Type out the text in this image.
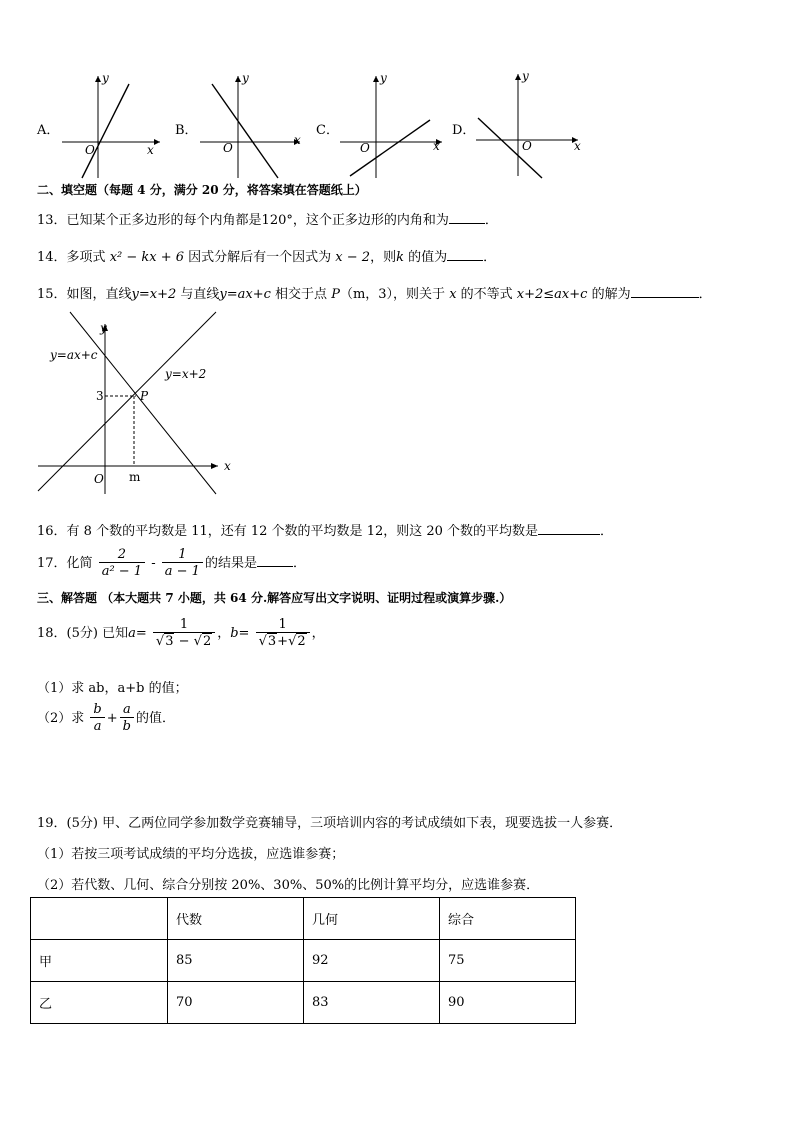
A．
y
x
O
B．
y
x
O
C．
y
x
O
D．
y
x
O
二、填空题（每题 4 分，满分 20 分，将答案填在答题纸上）
13．已知某个正多边形的每个内角都是120°，这个正多边形的内角和为	．
14．多项式 x² − kx + 6 因式分解后有一个因式为 x − 2，则k 的值为	．
15．如图，直线y=x+2 与直线y=ax+c 相交于点 P（m，3），则关于 x 的不等式 x+2≤ax+c 的解为	．
y=ax+c
y=x+2
y
x
O
3
m
P
16．有 8 个数的平均数是 11，还有 12 个数的平均数是 12，则这 20 个数的平均数是	．
17．化简 $\frac{2}{\text{a² − 1}} - \frac{1}{a - 1}$ 的结果是	．
三、解答题 （本大题共 7 小题，共 64 分.解答应写出文字说明、证明过程或演算步骤.）
18．(5分) 已知$a= \frac{1}{√3 - √2}$ ，$b= \frac{1}{√3+√2}$ ，
（1）求 ab，a+b 的值；
（2）求 $\frac{b}{a} + \frac{a}{b}$ 的值．
19．(5分) 甲、乙两位同学参加数学竞赛辅导，三项培训内容的考试成绩如下表，现要选拔一人参赛．
（1）若按三项考试成绩的平均分选拔，应选谁参赛；
（2）若代数、几何、综合分别按 20%、30%、50%的比例计算平均分，应选谁参赛．
	代数	几何	综合
甲	85	92	75
乙	70	83	90
